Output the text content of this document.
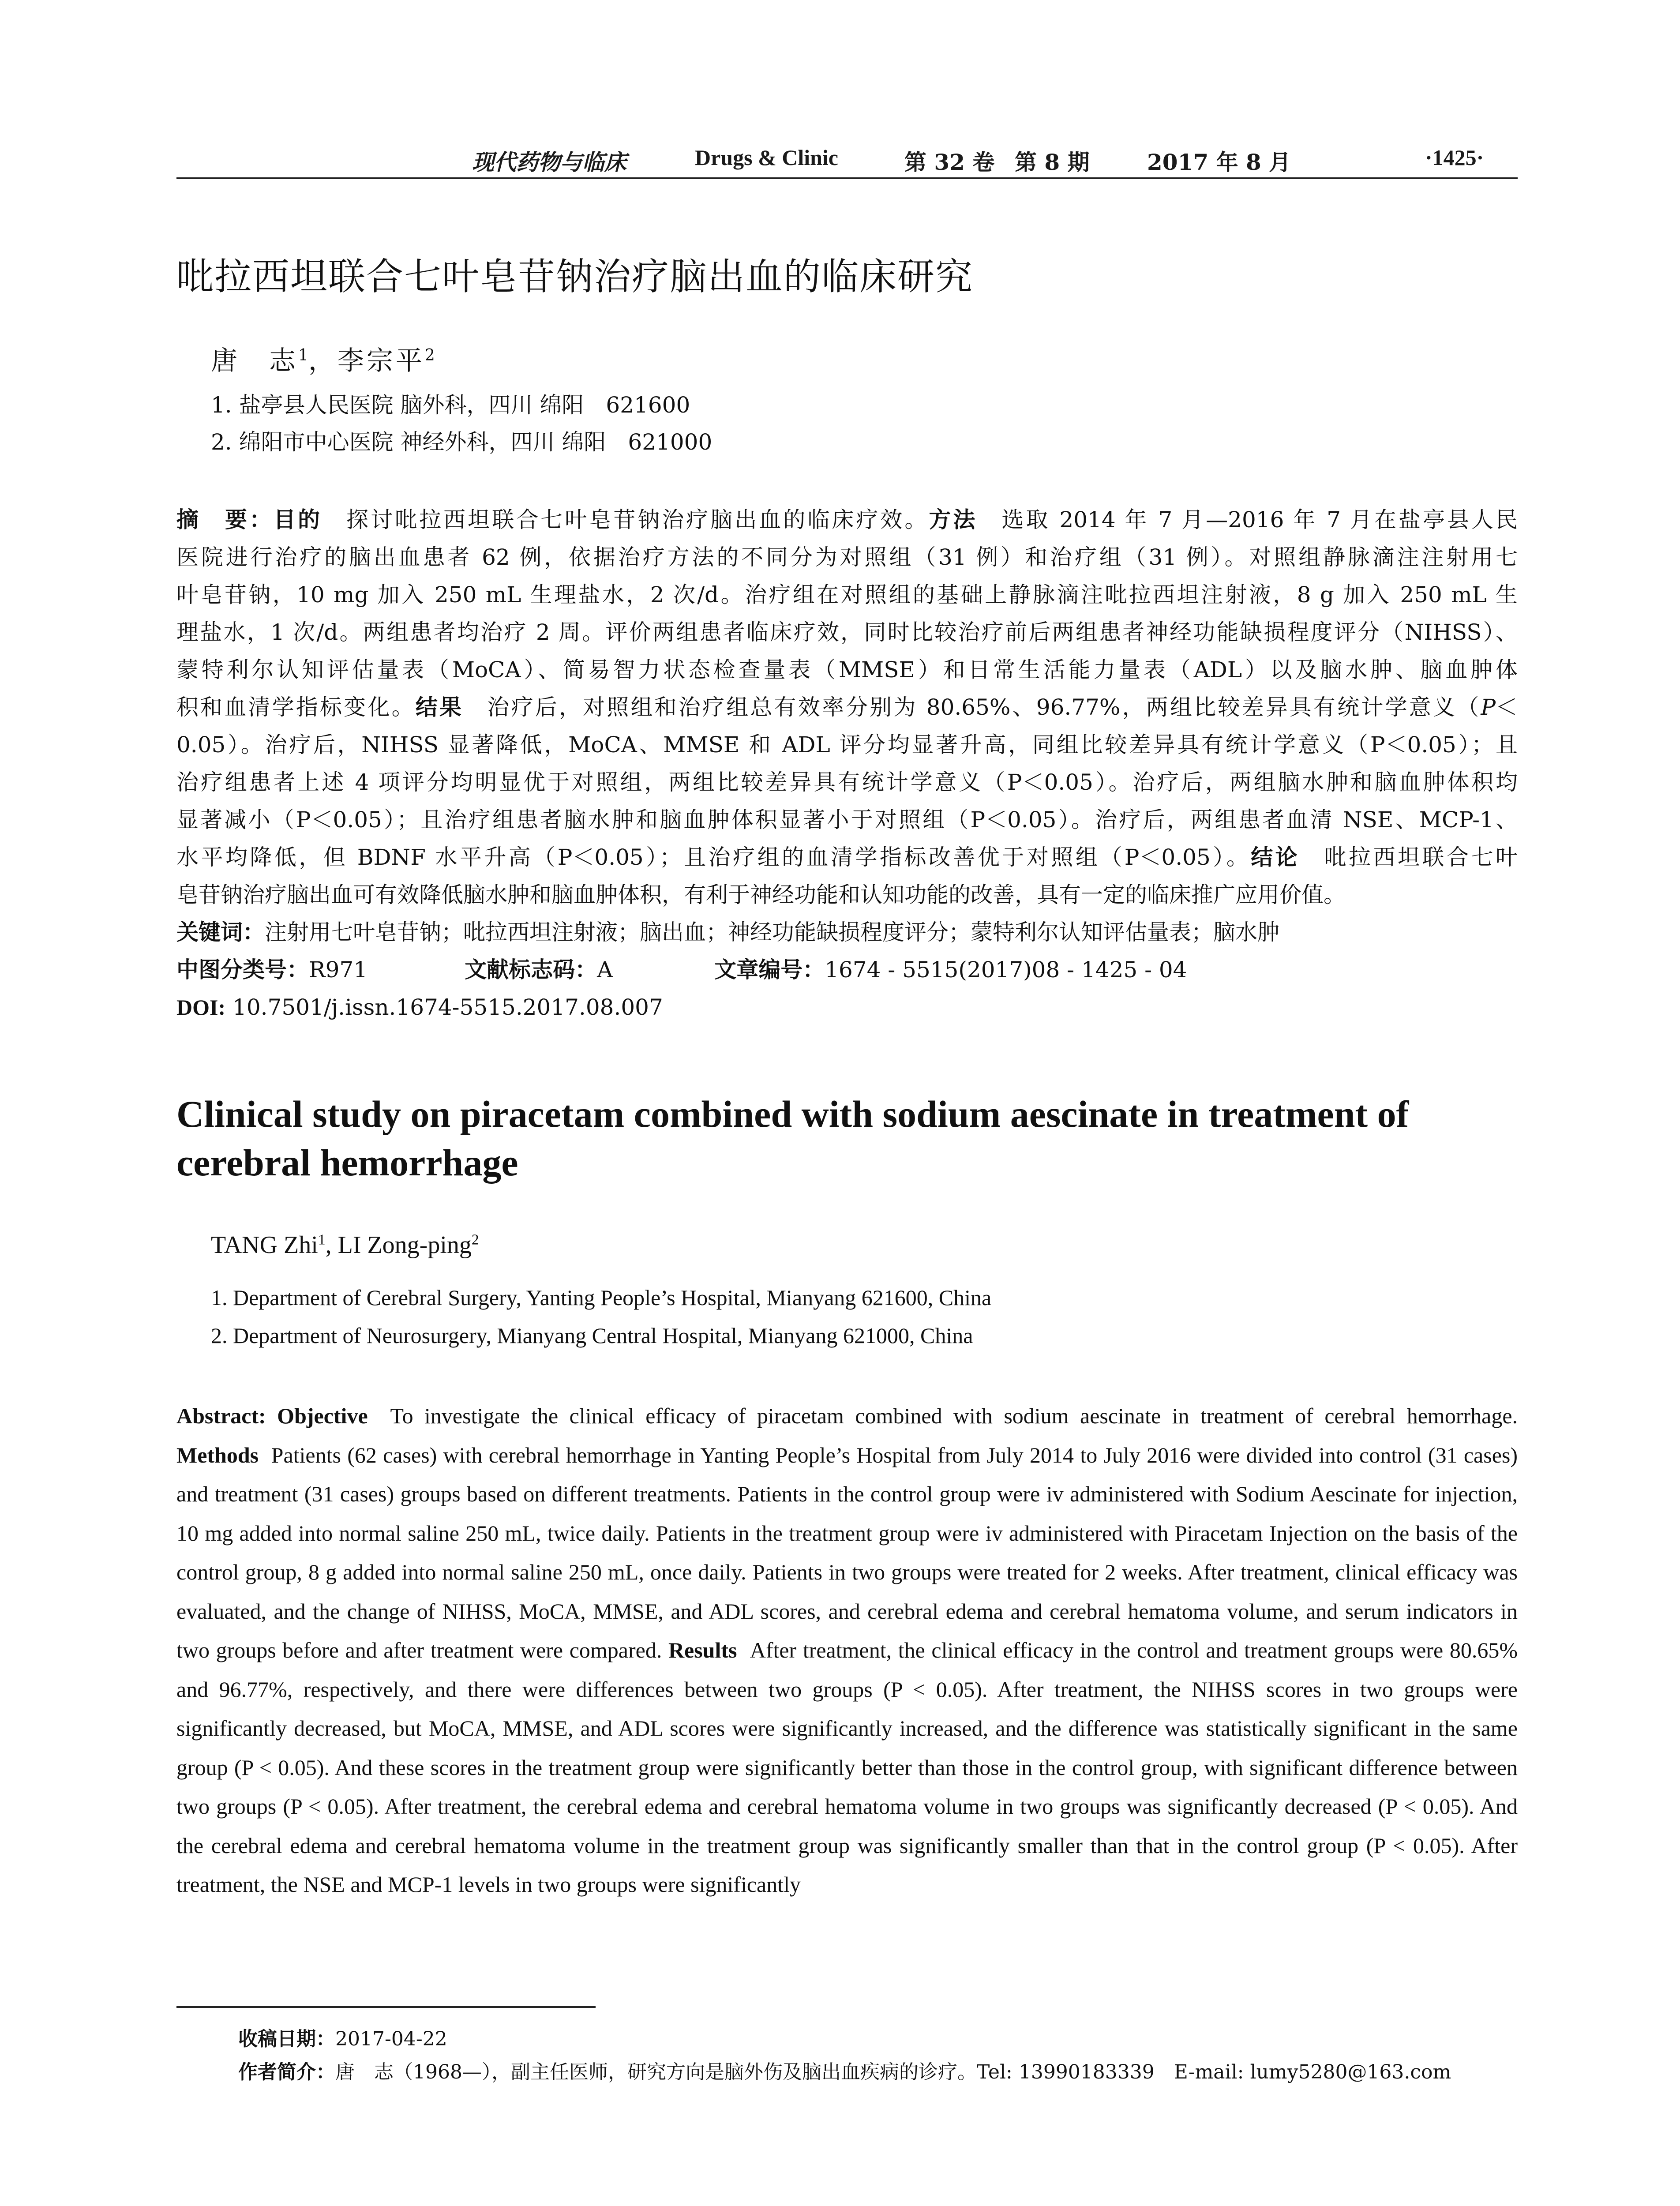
现代药物与临床	Drugs & Clinic	第 32 卷 第 8 期	2017 年 8 月	·1425·
吡拉西坦联合七叶皂苷钠治疗脑出血的临床研究
唐　志$^1$，李宗平$^2$
1. 盐亭县人民医院 脑外科，四川 绵阳　621600
2. 绵阳市中心医院 神经外科，四川 绵阳　621000
摘　要：目的　探讨吡拉西坦联合七叶皂苷钠治疗脑出血的临床疗效。方法　选取 2014 年 7 月—2016 年 7 月在盐亭县人民
医院进行治疗的脑出血患者 62 例，依据治疗方法的不同分为对照组（31 例）和治疗组（31 例）。对照组静脉滴注注射用七
叶皂苷钠，10 mg 加入 250 mL 生理盐水，2 次/d。治疗组在对照组的基础上静脉滴注吡拉西坦注射液，8 g 加入 250 mL 生
理盐水，1 次/d。两组患者均治疗 2 周。评价两组患者临床疗效，同时比较治疗前后两组患者神经功能缺损程度评分（NIHSS）、
蒙特利尔认知评估量表（MoCA）、简易智力状态检查量表（MMSE）和日常生活能力量表（ADL）以及脑水肿、脑血肿体
积和血清学指标变化。结果　治疗后，对照组和治疗组总有效率分别为 80.65%、96.77%，两组比较差异具有统计学意义（P＜
0.05）。治疗后，NIHSS 显著降低，MoCA、MMSE 和 ADL 评分均显著升高，同组比较差异具有统计学意义（P＜0.05）；且
治疗组患者上述 4 项评分均明显优于对照组，两组比较差异具有统计学意义（P＜0.05）。治疗后，两组脑水肿和脑血肿体积均
显著减小（P＜0.05）；且治疗组患者脑水肿和脑血肿体积显著小于对照组（P＜0.05）。治疗后，两组患者血清 NSE、MCP-1、
水平均降低，但 BDNF 水平升高（P＜0.05）；且治疗组的血清学指标改善优于对照组（P＜0.05）。结论　吡拉西坦联合七叶
皂苷钠治疗脑出血可有效降低脑水肿和脑血肿体积，有利于神经功能和认知功能的改善，具有一定的临床推广应用价值。
关键词：注射用七叶皂苷钠；吡拉西坦注射液；脑出血；神经功能缺损程度评分；蒙特利尔认知评估量表；脑水肿
中图分类号：R971	文献标志码：A	文章编号：1674 - 5515(2017)08 - 1425 - 04
DOI: 10.7501/j.issn.1674-5515.2017.08.007
Clinical study on piracetam combined with sodium aescinate in treatment of cerebral hemorrhage
TANG Zhi$^1$, LI Zong-ping$^2$
1. Department of Cerebral Surgery, Yanting People’s Hospital, Mianyang 621600, China
2. Department of Neurosurgery, Mianyang Central Hospital, Mianyang 621000, China
Abstract: Objective To investigate the clinical efficacy of piracetam combined with sodium aescinate in treatment of cerebral hemorrhage. Methods Patients (62 cases) with cerebral hemorrhage in Yanting People’s Hospital from July 2014 to July 2016 were divided into control (31 cases) and treatment (31 cases) groups based on different treatments. Patients in the control group were iv administered with Sodium Aescinate for injection, 10 mg added into normal saline 250 mL, twice daily. Patients in the treatment group were iv administered with Piracetam Injection on the basis of the control group, 8 g added into normal saline 250 mL, once daily. Patients in two groups were treated for 2 weeks. After treatment, clinical efficacy was evaluated, and the change of NIHSS, MoCA, MMSE, and ADL scores, and cerebral edema and cerebral hematoma volume, and serum indicators in two groups before and after treatment were compared. Results After treatment, the clinical efficacy in the control and treatment groups were 80.65% and 96.77%, respectively, and there were differences between two groups (P < 0.05). After treatment, the NIHSS scores in two groups were significantly decreased, but MoCA, MMSE, and ADL scores were significantly increased, and the difference was statistically significant in the same group (P < 0.05). And these scores in the treatment group were significantly better than those in the control group, with significant difference between two groups (P < 0.05). After treatment, the cerebral edema and cerebral hematoma volume in two groups was significantly decreased (P < 0.05). And the cerebral edema and cerebral hematoma volume in the treatment group was significantly smaller than that in the control group (P < 0.05). After treatment, the NSE and MCP-1 levels in two groups were significantly
收稿日期：2017-04-22
作者简介：唐　志（1968—），副主任医师，研究方向是脑外伤及脑出血疾病的诊疗。Tel: 13990183339　E-mail: lumy5280@163.com
